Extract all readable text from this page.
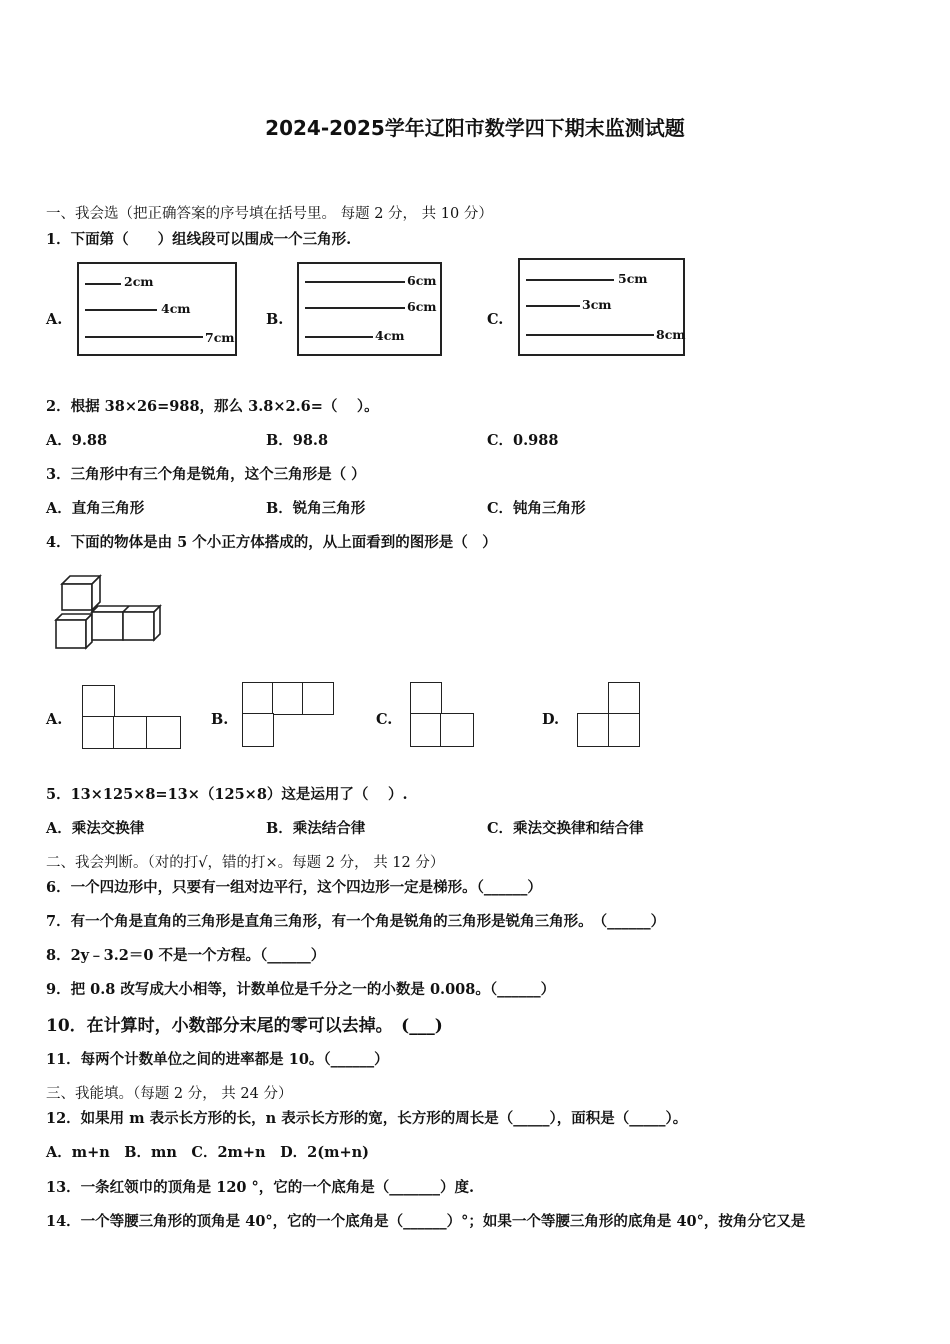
2024-2025学年辽阳市数学四下期末监测试题
一、我会选（把正确答案的序号填在括号里。 每题 2 分， 共 10 分）
1．下面第（　　）组线段可以围成一个三角形.
A.
2cm
4cm
7cm
B.
6cm
6cm
4cm
C.
5cm
3cm
8cm
2．根据 38×26=988，那么 3.8×2.6=（　 ）。
A．9.88	B．98.8	C．0.988
3．三角形中有三个角是锐角，这个三角形是（ ）
A．直角三角形	B．锐角三角形	C．钝角三角形
4．下面的物体是由 5 个小正方体搭成的，从上面看到的图形是（　）
A.	B.	C.	D.
5．13×125×8=13×（125×8）这是运用了（　 ）.
A．乘法交换律	B．乘法结合律	C．乘法交换律和结合律
二、我会判断。（对的打√，错的打×。每题 2 分， 共 12 分）
6．一个四边形中，只要有一组对边平行，这个四边形一定是梯形。（______）
7．有一个角是直角的三角形是直角三角形，有一个角是锐角的三角形是锐角三角形。　（______）
8．2y﹣3.2＝0 不是一个方程。（______）
9．把 0.8 改写成大小相等，计数单位是千分之一的小数是 0.008。（______）
10．在计算时，小数部分末尾的零可以去掉。　(___)
11．每两个计数单位之间的进率都是 10。（______）
三、我能填。（每题 2 分， 共 24 分）
12．如果用 m 表示长方形的长，n 表示长方形的宽，长方形的周长是（_____），面积是（_____）。
A．m+n　B．mn　C．2m+n　D．2(m+n)
13．一条红领巾的顶角是 120 °，它的一个底角是（_______）度.
14．一个等腰三角形的顶角是 40°，它的一个底角是（______）°；如果一个等腰三角形的底角是 40°，按角分它又是
